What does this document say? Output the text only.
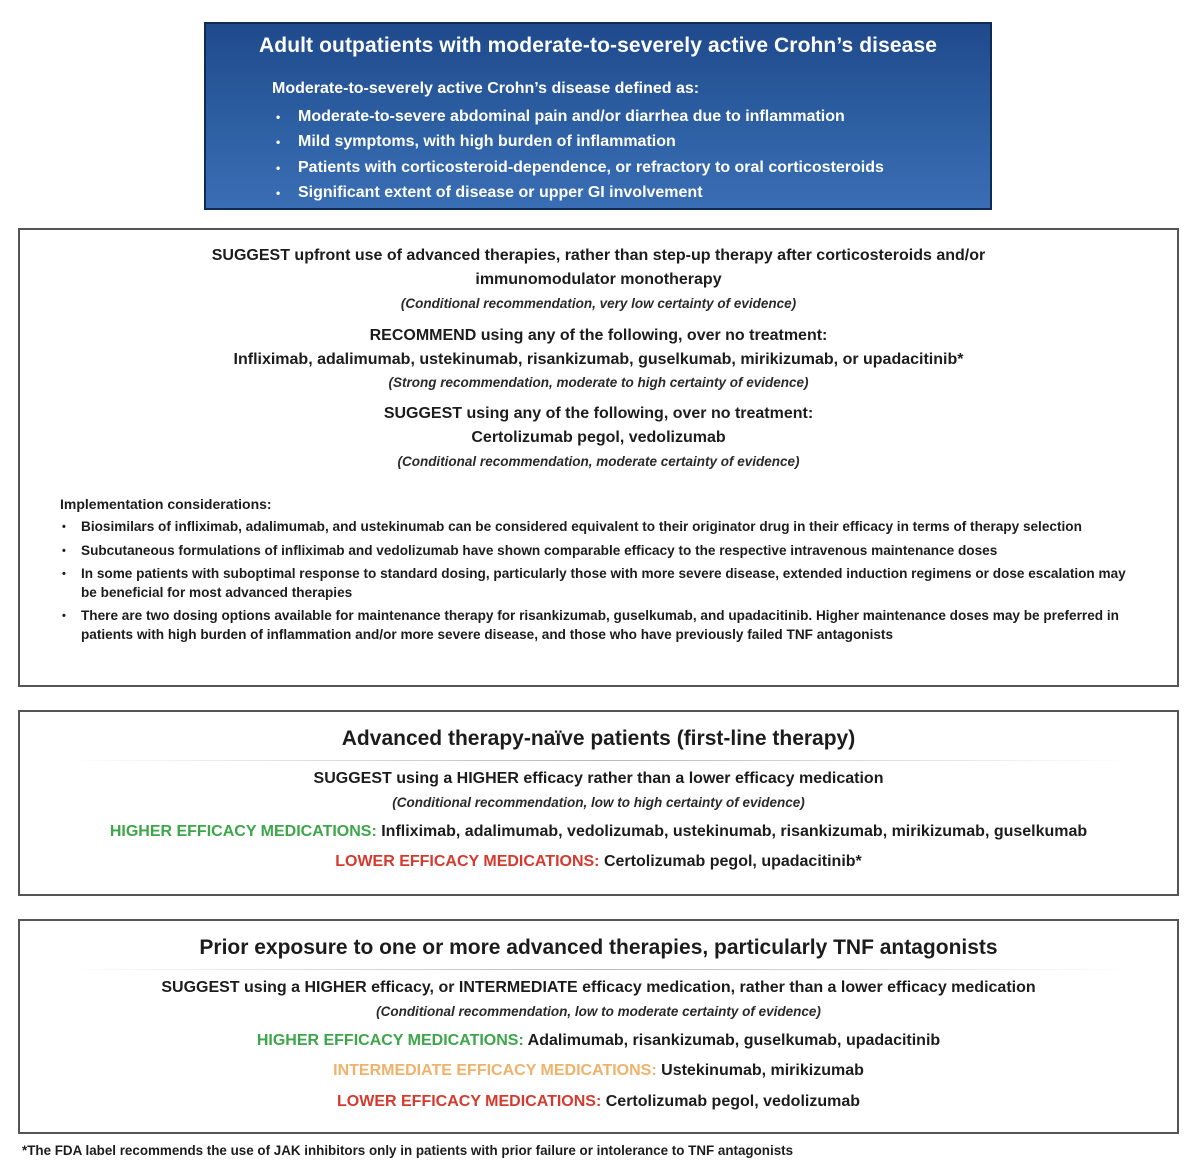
Adult outpatients with moderate-to-severely active Crohn’s disease
Moderate-to-severely active Crohn’s disease defined as:
•	Moderate-to-severe abdominal pain and/or diarrhea due to inflammation
•	Mild symptoms, with high burden of inflammation
•	Patients with corticosteroid-dependence, or refractory to oral corticosteroids
•	Significant extent of disease or upper GI involvement
SUGGEST upfront use of advanced therapies, rather than step-up therapy after corticosteroids and/or
immunomodulator monotherapy
(Conditional recommendation, very low certainty of evidence)
RECOMMEND using any of the following, over no treatment:
Infliximab, adalimumab, ustekinumab, risankizumab, guselkumab, mirikizumab, or upadacitinib*
(Strong recommendation, moderate to high certainty of evidence)
SUGGEST using any of the following, over no treatment:
Certolizumab pegol, vedolizumab
(Conditional recommendation, moderate certainty of evidence)
Implementation considerations:
• Biosimilars of infliximab, adalimumab, and ustekinumab can be considered equivalent to their originator drug in their efficacy in terms of therapy selection
• Subcutaneous formulations of infliximab and vedolizumab have shown comparable efficacy to the respective intravenous maintenance doses
• In some patients with suboptimal response to standard dosing, particularly those with more severe disease, extended induction regimens or dose escalation may be beneficial for most advanced therapies
• There are two dosing options available for maintenance therapy for risankizumab, guselkumab, and upadacitinib. Higher maintenance doses may be preferred in patients with high burden of inflammation and/or more severe disease, and those who have previously failed TNF antagonists
Advanced therapy-naïve patients (first-line therapy)
SUGGEST using a HIGHER efficacy rather than a lower efficacy medication
(Conditional recommendation, low to high certainty of evidence)
HIGHER EFFICACY MEDICATIONS: Infliximab, adalimumab, vedolizumab, ustekinumab, risankizumab, mirikizumab, guselkumab
LOWER EFFICACY MEDICATIONS: Certolizumab pegol, upadacitinib*
Prior exposure to one or more advanced therapies, particularly TNF antagonists
SUGGEST using a HIGHER efficacy, or INTERMEDIATE efficacy medication, rather than a lower efficacy medication
(Conditional recommendation, low to moderate certainty of evidence)
HIGHER EFFICACY MEDICATIONS: Adalimumab, risankizumab, guselkumab, upadacitinib
INTERMEDIATE EFFICACY MEDICATIONS: Ustekinumab, mirikizumab
LOWER EFFICACY MEDICATIONS: Certolizumab pegol, vedolizumab
*The FDA label recommends the use of JAK inhibitors only in patients with prior failure or intolerance to TNF antagonists
